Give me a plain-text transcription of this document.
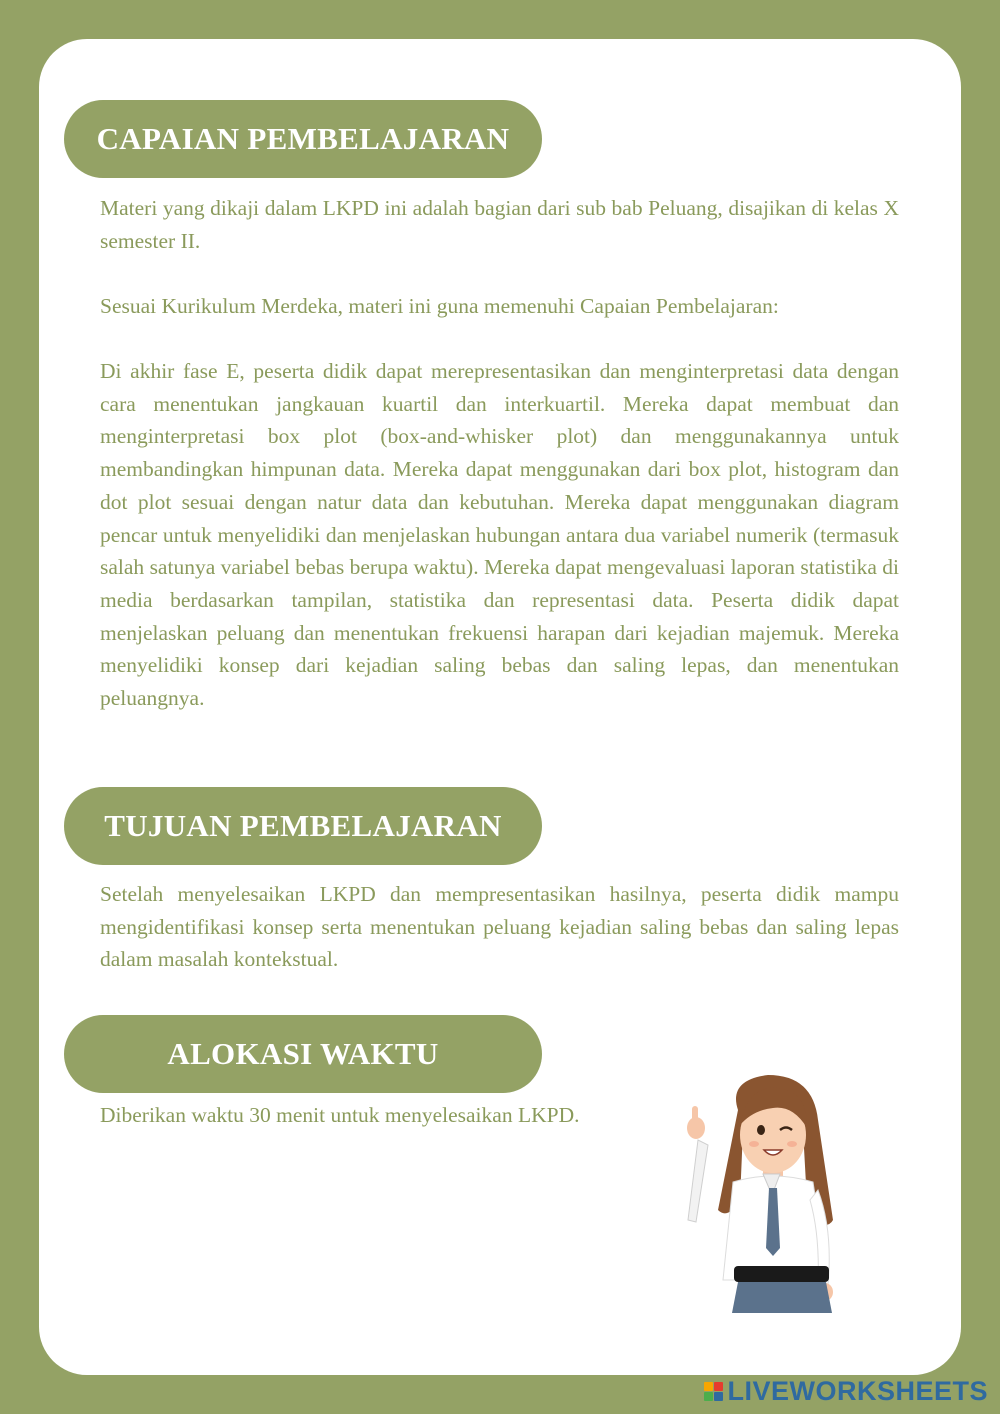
CAPAIAN PEMBELAJARAN

Materi yang dikaji dalam LKPD ini adalah bagian dari sub bab Peluang, disajikan di kelas X semester II.

Sesuai Kurikulum Merdeka, materi ini guna memenuhi Capaian Pembelajaran:

Di akhir fase E, peserta didik dapat merepresentasikan dan menginterpretasi data dengan cara menentukan jangkauan kuartil dan interkuartil. Mereka dapat membuat dan menginterpretasi box plot (box-and-whisker plot) dan menggunakannya untuk membandingkan himpunan data. Mereka dapat menggunakan dari box plot, histogram dan dot plot sesuai dengan natur data dan kebutuhan. Mereka dapat menggunakan diagram pencar untuk menyelidiki dan menjelaskan hubungan antara dua variabel numerik (termasuk salah satunya variabel bebas berupa waktu). Mereka dapat mengevaluasi laporan statistika di media berdasarkan tampilan, statistika dan representasi data. Peserta didik dapat menjelaskan peluang dan menentukan frekuensi harapan dari kejadian majemuk. Mereka menyelidiki konsep dari kejadian saling bebas dan saling lepas, dan menentukan peluangnya.

TUJUAN PEMBELAJARAN

Setelah menyelesaikan LKPD dan mempresentasikan hasilnya, peserta didik mampu mengidentifikasi konsep serta menentukan peluang kejadian saling bebas dan saling lepas dalam masalah kontekstual.

ALOKASI WAKTU

Diberikan waktu 30 menit untuk menyelesaikan LKPD.

LIVEWORKSHEETS
